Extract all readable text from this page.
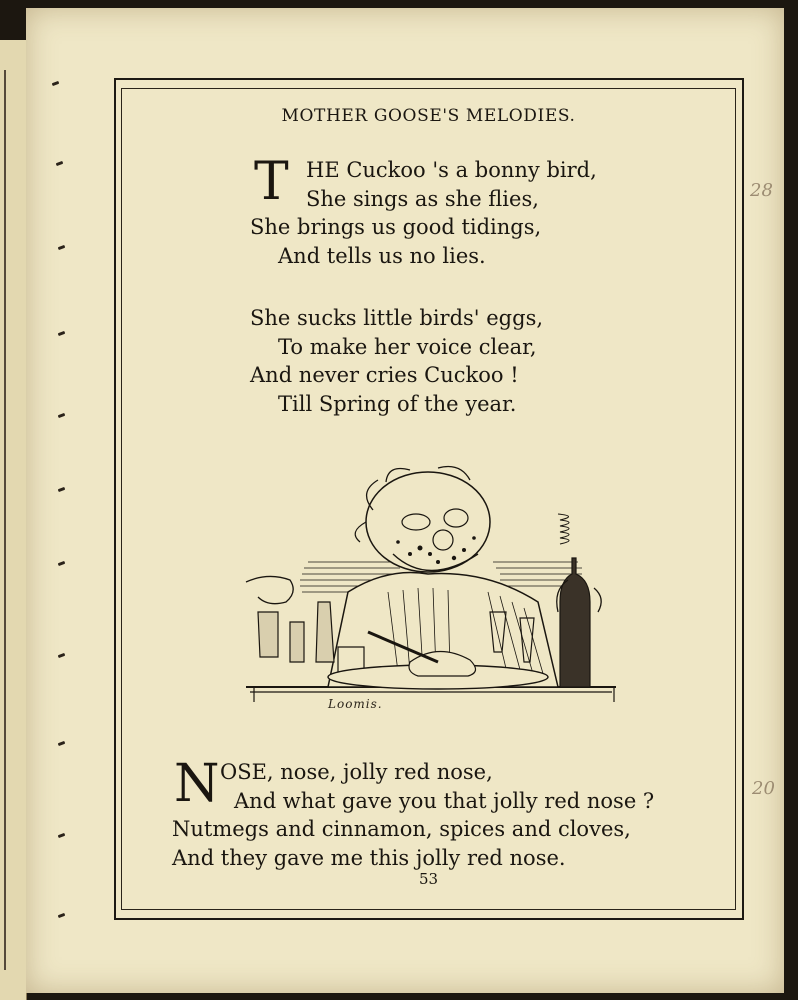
MOTHER GOOSE'S MELODIES.
T HE Cuckoo 's a bonny bird,
She sings as she flies,
She brings us good tidings,
And tells us no lies.
She sucks little birds' eggs,
To make her voice clear,
And never cries Cuckoo !
Till Spring of the year.
Loomis.
N OSE, nose, jolly red nose,
And what gave you that jolly red nose ?
Nutmegs and cinnamon, spices and cloves,
And they gave me this jolly red nose.
53
28
20
